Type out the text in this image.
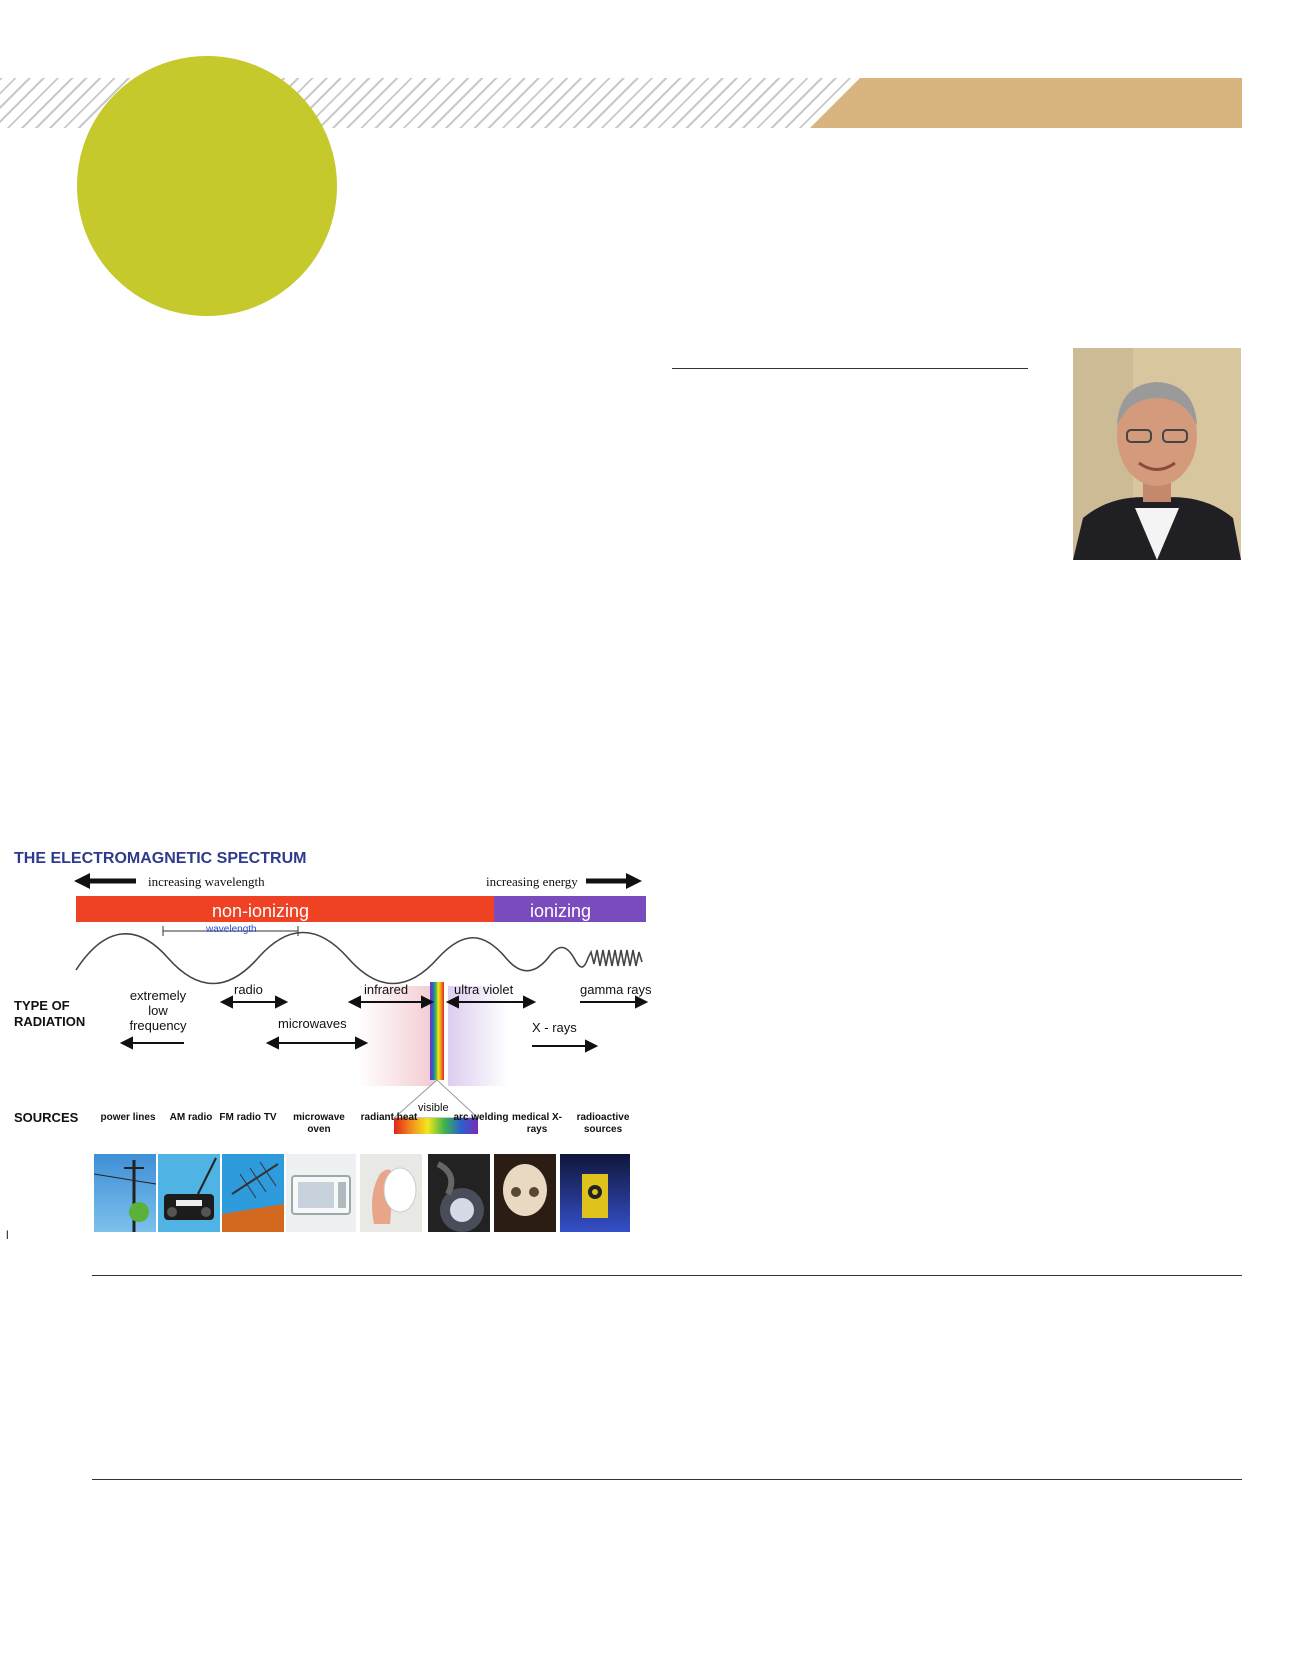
THE ELECTROMAGNETIC SPECTRUM

increasing wavelength	increasing energy

non-ionizing	ionizing

wavelength

TYPE OF RADIATION

extremely low frequency

radio

microwaves

infrared	ultra violet

visible

X - rays

gamma rays

SOURCES	power lines	AM radio FM radio TV	microwave oven

radiant heat	arc welding medical X-rays

radioactive sources

l
